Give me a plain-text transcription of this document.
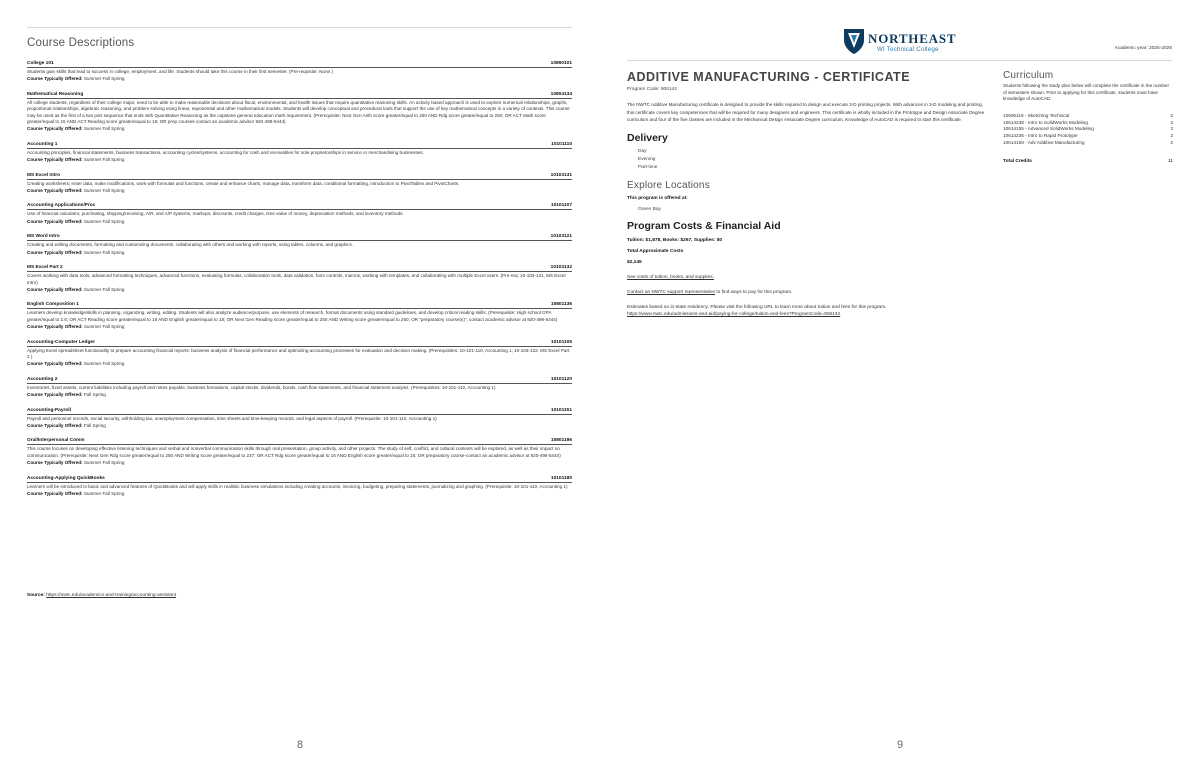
Course Descriptions
College 101	10890101
Students gain skills that lead to success in college, employment, and life. Students should take this course in their first semester. (Pre-requisite: None.)
Course Typically Offered: Summer Fall Spring
Mathematical Reasoning	10804134
All college students, regardless of their college major, need to be able to make reasonable decisions about fiscal, environmental, and health issues that require quantitative reasoning skills. An activity based approach is used to explore numerical relationships, graphs, proportional relationships, algebraic reasoning, and problem solving using linear, exponential and other mathematical models. Students will develop conceptual and procedural tools that support the use of key mathematical concepts in a variety of contexts. This course may be used as the first of a two part sequence that ends with Quantitative Reasoning as the capstone general education math requirement. (Prerequisite: Next Gen Arith score greater/equal to 250 AND Rdg score greater/equal to 250; OR ACT Math score greater/equal to 15 AND ACT Reading score greater/equal to 16; OR prep courses-contact an academic advisor 920-498-5444)
Course Typically Offered: Summer Fall Spring
Accounting 1	10101110
Accounting principles, financial statements, business transactions, accounting cycles/systems, accounting for cash and receivables for sole proprietorships in service or merchandising businesses.
Course Typically Offered: Summer Fall Spring
MS Excel Intro	10103131
Creating worksheets; enter data, make modifications, work with formulas and functions, create and enhance charts, manage data, transform data, conditional formatting, introduction to PivotTables and PivotCharts.
Course Typically Offered: Summer Fall Spring
Accounting Applications/Proc	10101107
Use of financial calculator, purchasing, shipping/receiving, A/R, and A/P systems, markups, discounts, credit charges, time value of money, depreciation methods, and inventory methods.
Course Typically Offered: Summer Fall Spring
MS Word Intro	10103121
Creating and editing documents, formatting and customizing documents, collaborating with others and working with reports, using tables, columns, and graphics.
Course Typically Offered: Summer Fall Spring
MS Excel Part 2	10103132
Covers working with data tools, advanced formatting techniques, advanced functions, evaluating formulas, collaboration tools, data validation, form controls, macros, working with templates, and collaborating with multiple Excel users. (Pre-req: 10-103-131, MS Excel Intro)
Course Typically Offered: Summer Fall Spring
English Composition 1	10801136
Learners develop knowledge/skills in planning, organizing, writing, editing. Students will also analyze audience/purpose, use elements of research, format documents using standard guidelines, and develop critical reading skills. (Prerequisite: High school GPA greater/equal to 2.6; OR ACT Reading score greater/equal to 16 AND English greater/equal to 18; OR Next Gen Reading score greater/equal to 250 AND Writing score greater/equal to 260; OR "preparatory course(s)", contact academic advisor at 920-498-5444)
Course Typically Offered: Summer Fall Spring
Accounting-Computer Ledger	10101105
Applying Excel spreadsheet functionality to prepare accounting financial reports; business analysis of financial performance and optimizing accounting processes for evaluation and decision making. (Prerequisites: 10-101-110, Accounting 1; 10-103-132, MS Excel Part 2 )
Course Typically Offered: Summer Fall Spring
Accounting 2	10101120
Inventories, fixed assets, current liabilities including payroll and notes payable, business formations, capital stocks, dividends, bonds, cash flow statements, and financial statement analysis. (Prerequisites: 10-101-110, Accounting 1)
Course Typically Offered: Fall Spring
Accounting-Payroll	10101151
Payroll and personnel records, social security, withholding tax, unemployment compensation, time sheets and time-keeping records, and legal aspects of payroll. (Prerequisite: 10-101-110, Accounting 1)
Course Typically Offered: Fall Spring
Oral/Interpersonal Comm	10801196
This course focuses on developing effective listening techniques and verbal and nonverbal communication skills through oral presentation, group activity, and other projects. The study of self, conflict, and cultural contexts will be explored, as well as their impact on communication. (Prerequisite: Next Gen Rdg score greater/equal to 250 AND Writing score greater/equal to 237; OR ACT Rdg score greater/equal to 16 AND English score greater/equal to 16; OR preparatory course-contact an academic advisor at 920-498-5444)
Course Typically Offered: Summer Fall Spring
Accounting-Applying QuickBooks	10101180
Learners will be introduced to basic and advanced features of QuickBooks and will apply skills in realistic business simulations including creating accounts, invoicing, budgeting, preparing statements, journalizing and graphing. (Prerequisite: 10-101-110, Accounting 1)
Course Typically Offered: Summer Fall Spring
Source: https://nwtc.edu/academics-and-training/accounting-assistant
8
NORTHEAST
WI Technical College	Academic year: 2025-2026
ADDITIVE MANUFACTURING - CERTIFICATE
Program Code: 906142
The NWTC Additive Manufacturing certificate is designed to provide the skills required to design and execute 3-D printing projects. With advances in 3-D modeling and printing, this certificate covers key competencies that will be required for many designers and engineers. This certificate is wholly included in the Prototype and Design Associate Degree curriculum and four of the five classes are included in the Mechanical Design Associate Degree curriculum. Knowledge of AutoCAD is required to start this certificate.
Delivery
Day
Evening
Part-time
Explore Locations
This program is offered at:
Green Bay
Program Costs & Financial Aid
Tuition: $1,878, Books: $267, Supplies: $0
Total Approximate Costs
$2,145
See costs of tuition, books, and supplies.
Contact an NWTC support representative to find ways to pay for this program.
Estimates based on in-state residency. Please visit the following URL to learn more about tuition and fees for this program.
https://www.nwtc.edu/admissions-and-aid/paying-for-college/tuition-and-fees?ProgramCode=906142
Curriculum
Students following the study plan below will complete the certificate in the number of semesters shown. Prior to applying for this certificate, students must have knowledge of AutoCAD.
10606119 - Sketching-Technical	2
10614238 - Intro to SolidWorks Modeling	3
10614155 - Advanced SolidWorks Modeling	3
10614236 - Intro to Rapid Prototype	2
10614158 - Adv Additive Manufacturing	2
Total Credits	11
9
